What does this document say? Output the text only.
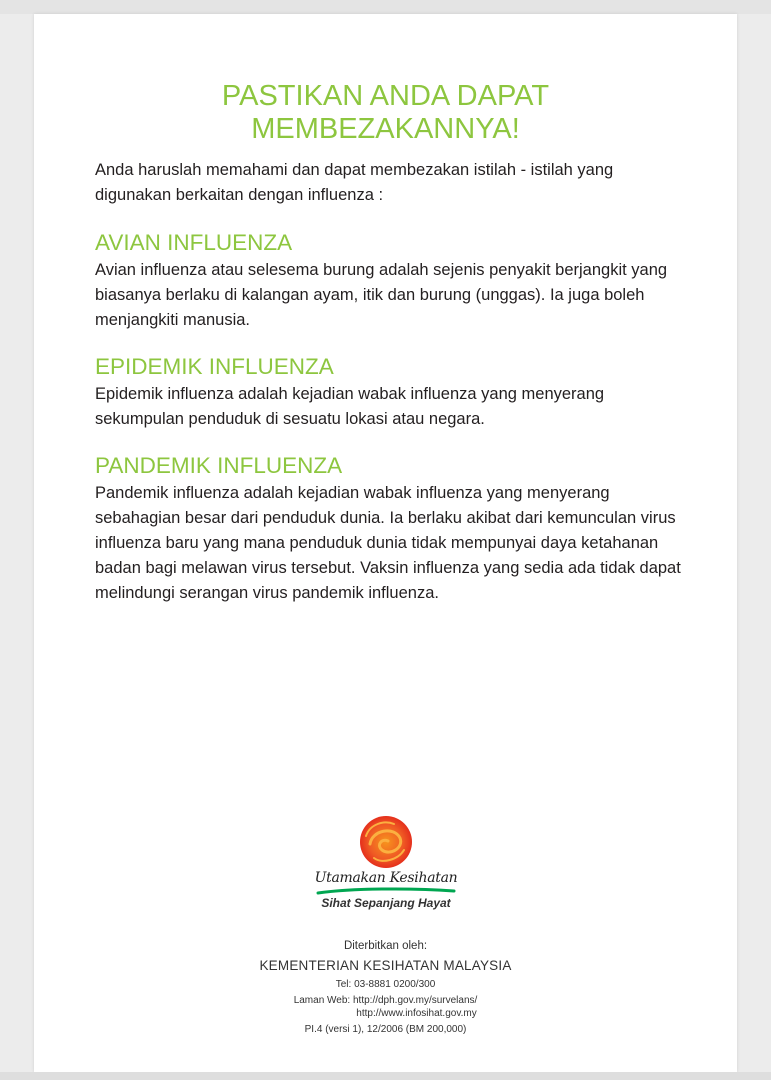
PASTIKAN ANDA DAPAT
MEMBEZAKANNYA!

Anda haruslah memahami dan dapat membezakan istilah - istilah yang digunakan berkaitan dengan influenza :

AVIAN INFLUENZA

Avian influenza atau selesema burung adalah sejenis penyakit berjangkit yang biasanya berlaku di kalangan ayam, itik dan burung (unggas). Ia juga boleh menjangkiti manusia.

EPIDEMIK INFLUENZA

Epidemik influenza adalah kejadian wabak influenza yang menyerang sekumpulan penduduk di sesuatu lokasi atau negara.

PANDEMIK INFLUENZA

Pandemik influenza adalah kejadian wabak influenza yang menyerang sebahagian besar dari penduduk dunia. Ia berlaku akibat dari kemunculan virus influenza baru yang mana penduduk dunia tidak mempunyai daya ketahanan badan bagi melawan virus tersebut. Vaksin influenza yang sedia ada tidak dapat melindungi serangan virus pandemik influenza.

Utamakan Kesihatan
Sihat Sepanjang Hayat

Diterbitkan oleh:

KEMENTERIAN KESIHATAN MALAYSIA

Tel: 03-8881 0200/300

Laman Web: http://dph.gov.my/survelans/

http://www.infosihat.gov.my

PI.4 (versi 1), 12/2006 (BM 200,000)
